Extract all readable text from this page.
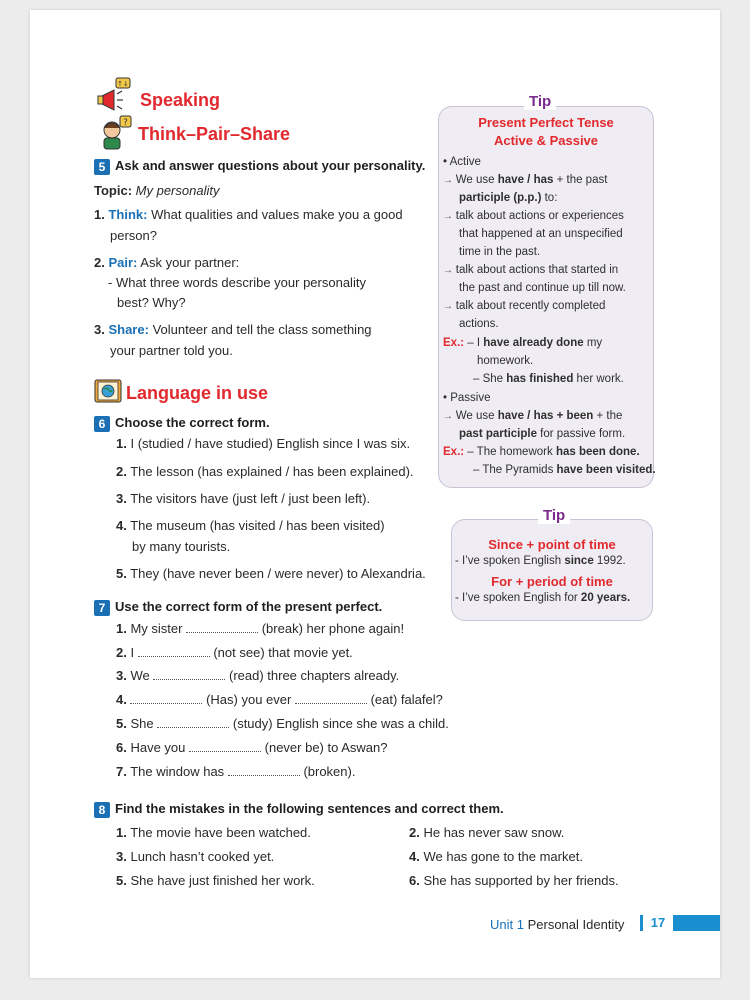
↑↓
Speaking
?
Think–Pair–Share
5 Ask and answer questions about your personality.
Topic: My personality
1. Think: What qualities and values make you a good
person?
2. Pair: Ask your partner:
- What three words describe your personality
best? Why?
3. Share: Volunteer and tell the class something
your partner told you.
Language in use
6 Choose the correct form.
1. I (studied / have studied) English since I was six.
2. The lesson (has explained / has been explained).
3. The visitors have (just left / just been left).
4. The museum (has visited / has been visited)
by many tourists.
5. They (have never been / were never) to Alexandria.
7 Use the correct form of the present perfect.
1. My sister	(break) her phone again!
2. I	(not see) that movie yet.
3. We	(read) three chapters already.
4.	(Has) you ever	(eat) falafel?
5. She	(study) English since she was a child.
6. Have you	(never be) to Aswan?
7. The window has	(broken).
8 Find the mistakes in the following sentences and correct them.
1. The movie have been watched.	2. He has never saw snow.
3. Lunch hasn’t cooked yet.	4. We has gone to the market.
5. She have just finished her work.	6. She has supported by her friends.
Tip
Present Perfect Tense
Active & Passive
• Active
→ We use have / has + the past
participle (p.p.) to:
→ talk about actions or experiences
that happened at an unspecified
time in the past.
→ talk about actions that started in
the past and continue up till now.
→ talk about recently completed
actions.
Ex.: – I have already done my
homework.
– She has finished her work.
• Passive
→ We use have / has + been + the
past participle for passive form.
Ex.: – The homework has been done.
– The Pyramids have been visited.
Tip
Since + point of time
- I’ve spoken English since 1992.
For + period of time
- I’ve spoken English for 20 years.
Unit 1 Personal Identity	17
